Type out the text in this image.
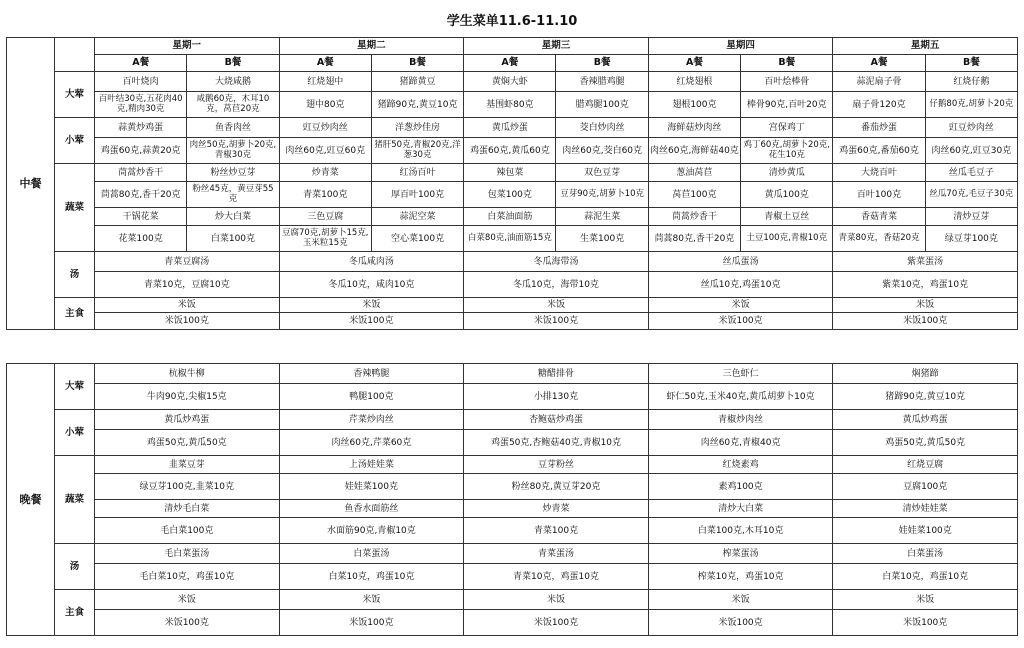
学生菜单11.6-11.10
中餐		星期一		星期二		星期三		星期四		星期五	
		A餐	B餐	A餐	B餐	A餐	B餐	A餐	B餐	A餐	B餐
	大荤	百叶烧肉	大烧咸鹅	红烧翅中	猪蹄黄豆	黄焖大虾	香辣腊鸡腿	红烧翅根	百叶烩棒骨	蒜泥扇子骨	红烧仔鹅
		百叶结30克,五花肉40克,精肉30克	咸鹅60克，木耳10克，莴苣20克	翅中80克	猪蹄90克,黄豆10克	基围虾80克	腊鸡腿100克	翅根100克	棒骨90克,百叶20克	扇子骨120克	仔鹅80克,胡萝卜20克
	小荤	蒜黄炒鸡蛋	鱼香肉丝	豇豆炒肉丝	洋葱炒佳房	黄瓜炒蛋	茭白炒肉丝	海鲜菇炒肉丝	宫保鸡丁	番茄炒蛋	豇豆炒肉丝
		鸡蛋60克,蒜黄20克	肉丝50克,胡萝卜20克,青椒30克	肉丝60克,豇豆60克	猪肝50克,青椒20克,洋葱30克	鸡蛋60克,黄瓜60克	肉丝60克,茭白60克	肉丝60克,海鲜菇40克	鸡丁60克,胡萝卜20克,花生10克	鸡蛋60克,番茄60克	肉丝60克,豇豆30克
	蔬菜	茼蒿炒香干	粉丝炒豆芽	炒青菜	红汤百叶	辣包菜	双色豆芽	葱油莴苣	清炒黄瓜	大烧百叶	丝瓜毛豆子
		茼蒿80克,香干20克	粉丝45克，黄豆芽55克	青菜100克	厚百叶100克	包菜100克	豆芽90克,胡萝卜10克	莴苣100克	黄瓜100克	百叶100克	丝瓜70克,毛豆子30克
		干锅花菜	炒大白菜	三色豆腐	蒜泥空菜	白菜油面筋	蒜泥生菜	茼蒿炒香干	青椒土豆丝	香菇青菜	清炒豆芽
		花菜100克	白菜100克	豆腐70克,胡萝卜15克,玉米粒15克	空心菜100克	白菜80克,油面筋15克	生菜100克	茼蒿80克,香干20克	土豆100克,青椒10克	青菜80克，香菇20克	绿豆芽100克
	汤	青菜豆腐汤		冬瓜咸肉汤		冬瓜海带汤		丝瓜蛋汤		紫菜蛋汤	
		青菜10克，豆腐10克		冬瓜10克，咸肉10克		冬瓜10克，海带10克		丝瓜10克,鸡蛋10克		紫菜10克，鸡蛋10克	
	主食	米饭		米饭		米饭		米饭		米饭	
		米饭100克		米饭100克		米饭100克		米饭100克		米饭100克	
晚餐	大荤	杭椒牛柳	香辣鸭腿	糖醋排骨	三色虾仁	焖猪蹄
		牛肉90克,尖椒15克	鸭腿100克	小排130克	虾仁50克,玉米40克,黄瓜胡萝卜10克	猪蹄90克,黄豆10克
	小荤	黄瓜炒鸡蛋	芹菜炒肉丝	杏鲍菇炒鸡蛋	青椒炒肉丝	黄瓜炒鸡蛋
		鸡蛋50克,黄瓜50克	肉丝60克,芹菜60克	鸡蛋50克,杏鲍菇40克,青椒10克	肉丝60克,青椒40克	鸡蛋50克,黄瓜50克
	蔬菜	韭菜豆芽	上汤娃娃菜	豆芽粉丝	红烧素鸡	红烧豆腐
		绿豆芽100克,韭菜10克	娃娃菜100克	粉丝80克,黄豆芽20克	素鸡100克	豆腐100克
		清炒毛白菜	鱼香水面筋丝	炒青菜	清炒大白菜	清炒娃娃菜
		毛白菜100克	水面筋90克,青椒10克	青菜100克	白菜100克,木耳10克	娃娃菜100克
	汤	毛白菜蛋汤	白菜蛋汤	青菜蛋汤	榨菜蛋汤	白菜蛋汤
		毛白菜10克，鸡蛋10克	白菜10克，鸡蛋10克	青菜10克，鸡蛋10克	榨菜10克，鸡蛋10克	白菜10克，鸡蛋10克
	主食	米饭	米饭	米饭	米饭	米饭
		米饭100克	米饭100克	米饭100克	米饭100克	米饭100克
